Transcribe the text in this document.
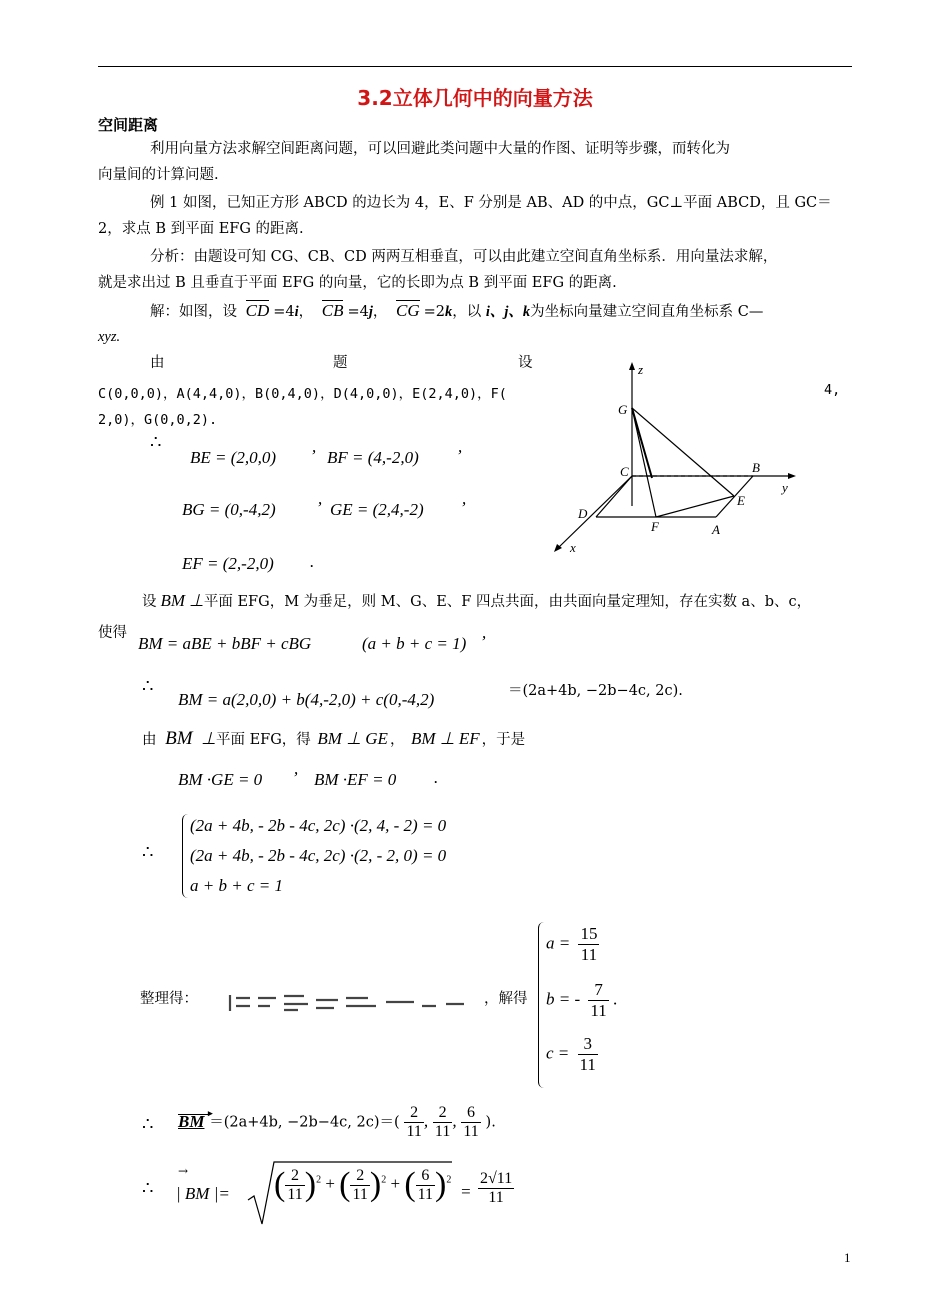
3.2立体几何中的向量方法
空间距离
利用向量方法求解空间距离问题，可以回避此类问题中大量的作图、证明等步骤，而转化为
向量间的计算问题.
例 1 如图，已知正方形 ABCD 的边长为 4，E、F 分别是 AB、AD 的中点，GC⊥平面 ABCD，且 GC＝
2，求点 B 到平面 EFG 的距离.
分析：由题设可知 CG、CB、CD 两两互相垂直，可以由此建立空间直角坐标系．用向量法求解，
就是求出过 B 且垂直于平面 EFG 的向量，它的长即为点 B 到平面 EFG 的距离.
解：如图，设 CD =4i， CB =4j， CG =2k，以 i、j、k为坐标向量建立空间直角坐标系 C—
xyz.
由	题	设
C(0,0,0)，A(4,4,0)，B(0,4,0)，D(4,0,0)，E(2,4,0)，F(	4,
2,0)，G(0,0,2).
∴
BE = (2,0,0) ’ BF = (4,-2,0) ’
BG = (0,-4,2) ’ GE = (2,4,-2) ’
EF = (2,-2,0) .
z
y
x
G
C	B
E
D
F	A
设 BM ⊥平面 EFG，M 为垂足，则 M、G、E、F 四点共面，由共面向量定理知，存在实数 a、b、c，
使得
BM = aBE + bBF + cBG	(a + b + c = 1) ’
∴
BM = a(2,0,0) + b(4,-2,0) + c(0,-4,2)	＝(2a+4b, −2b−4c, 2c).
由 BM ⊥平面 EFG，得 BM ⊥ GE ， BM ⊥ EF ，于是
BM ·GE = 0 ’ BM ·EF = 0 .
∴
(2a + 4b, - 2b - 4c, 2c) ·(2, 4, - 2) = 0
(2a + 4b, - 2b - 4c, 2c) ·(2, - 2, 0) = 0
a + b + c = 1
整理得：	，解得
$a = \frac{15}{11}$
b = - $\frac{7}{11}$ .
$c = \frac{3}{11}$
∴
▸
BM ＝(2a+4b, −2b−4c, $2c)=( \frac{2}{11}$ , $\frac{2}{11}$ , $\frac{6}{11}$ ).
∴
→
| BM |= ( $\frac{2}{11} )^2$ + ( $\frac{2}{11} )^2$ + ( $\frac{6}{11} )^2$
= $\frac{2√11}{11}$
1
